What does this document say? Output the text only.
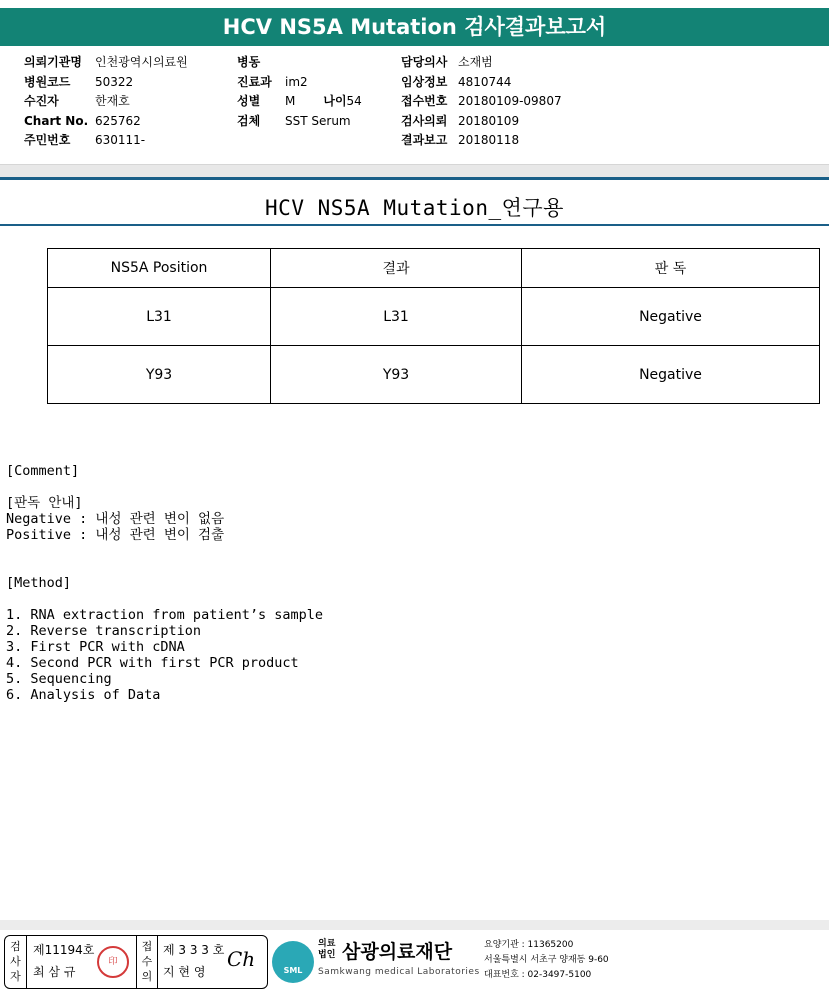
HCV NS5A Mutation 검사결과보고서
의뢰기관명 인천광역시의료원
병원코드 50322
수진자	한재호
Chart No. 625762
주민번호 630111-
병동
진료과 im2
성별 M 나이54
검체 SST Serum
담당의사 소재범
임상정보 4810744
접수번호 20180109-09807
검사의뢰 20180109
결과보고 20180118
HCV NS5A Mutation_연구용
NS5A Position	결과	판 독
L31	L31	Negative
Y93	Y93	Negative
[Comment]
[판독 안내]
Negative : 내성 관련 변이 없음
Positive : 내성 관련 변이 검출
[Method]
1. RNA extraction from patient’s sample
2. Reverse transcription
3. First PCR with cDNA
4. Second PCR with first PCR product
5. Sequencing
6. Analysis of Data
검
사
자
제11194호
최 삼 규
印
접
수
의
제 3 3 3 호
지 현 영
Ch	SML
의료
법인 삼광의료재단
Samkwang medical Laboratories
요양기관 : 11365200
서울특별시 서초구 양재동 9-60
대표번호 : 02-3497-5100
